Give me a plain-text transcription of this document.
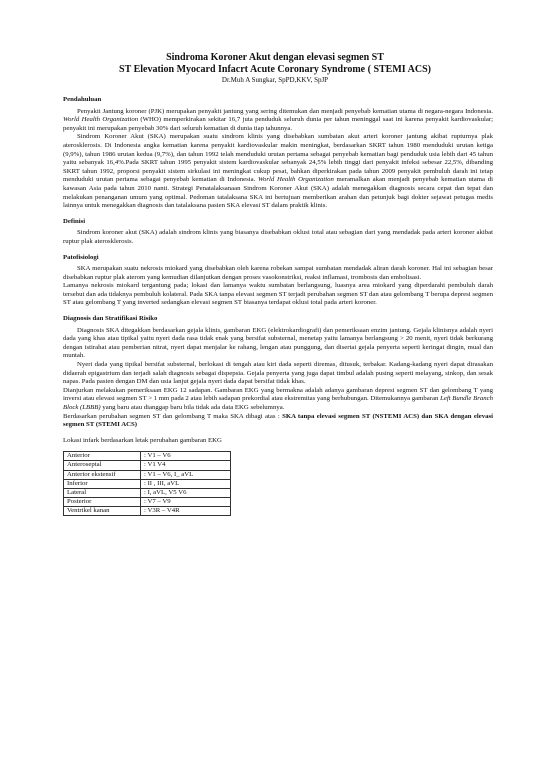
Sindroma Koroner Akut dengan elevasi segmen ST
ST Elevation Myocard Infacrt Acute Coronary Syndrome ( STEMI ACS)
Dr.Muh A Sungkar, SpPD,KKV, SpJP
Pendahuluan

Penyakit Jantung koroner (PJK) merupakan penyakit jantung yang sering ditemukan dan menjadi penyebab kematian utama di negara-negara Indonesia. World Health Organization (WHO) memperkirakan sekitar 16,7 juta penduduk seluruh dunia per tahun meninggal saat ini karena penyakit kardiovaskular; penyakit ini merupakan penyebab 30% dari seluruh kematian di dunia tiap tahunnya.

Sindrom Koroner Akut (SKA) merupakan suatu sindrom klinis yang disebabkan sumbatan akut arteri koroner jantung akibat rupturnya plak aterosklerosis. Di Indonesia angka kematian karena penyakit kardiovaskular makin meningkat, berdasarkan SKRT tahun 1980 menduduki urutan ketiga (9,9%), tahun 1986 urutan kedua (9,7%), dan tahun 1992 telah menduduki urutan pertama sebagai penyebab kematian bagi penduduk usia lebih dari 45 tahun yaitu sebanyak 16,4%.Pada SKRT tahun 1995 penyakit sistem kardiovaskular sebanyak 24,5% lebih tinggi dari penyakit infeksi sebesar 22,5%, dibanding SKRT tahun 1992, proporsi penyakit sistem sirkulasi ini meningkat cukup pesat, bahkan diperkirakan pada tahun 2009 penyakit pembuluh darah ini tetap menduduki urutan pertama sebagai penyebab kematian di Indonesia. World Health Organization meramalkan akan menjadi penyebab kematian utama di kawasan Asia pada tahun 2010 nanti. Strategi Penatalaksanaan Sindrom Koroner Akut (SKA) adalah menegakkan diagnosis secara cepat dan tepat dan melakukan penanganan umum yang optimal. Pedoman tatalaksana SKA ini bertujuan memberikan arahan dan petunjuk bagi dokter sejawat petugas medis lainnya untuk menegakkan diagnosis dan tatalaksana pasien SKA elevasi ST dalam praktik klinis.

Definisi

Sindrom koroner akut (SKA) adalah sindrom klinis yang biasanya disebabkan oklusi total atau sebagian dari yang mendadak pada arteri koroner akibat ruptur plak aterosklerosis.

Patofisiologi

SKA merupakan suatu nekrosis miokard yang disebabkan oleh karena robekan sampai sumbatan mendadak aliran darah koroner. Hal ini sebagian besar disebabkan ruptur plak aterom yang kemudian dilanjutkan dengan proses vasokonstriksi, reaksi inflamasi, trombosis dan embolisasi.

Lamanya nekrosis miokard tergantung pada; lokasi dan lamanya waktu sumbatan berlangsung, luasnya area miokard yang diperdarahi pembuluh darah tersebut dan ada tidaknya pembuluh kolateral. Pada SKA tanpa elevasi segmen ST terjadi perubahan segmen ST dan atau gelombang T berupa depresi segmen ST atau gelombang T yang inverted sedangkan elevasi segmen ST biasanya terdapat oklusi total pada arteri koroner.

Diagnosis dan Stratifikasi Risiko

Diagnosis SKA ditegakkan berdasarkan gejala klinis, gambaran EKG (elektrokardiografi) dan pemeriksaan enzim jantung. Gejala klinisnya adalah nyeri dada yang khas atau tipikal yaitu nyeri dada rasa tidak enak yang bersifat substernal, menetap yaitu lamanya berlangsung > 20 menit, nyeri tidak berkurang dengan istirahat atau pemberian nitrat, nyeri dapat menjalar ke rahang, lengan atau punggung, dan disertai gejala penyerta seperti keringat dingin, mual dan muntah.

Nyeri dada yang tipikal bersifat substernal, berlokasi di tengah atau kiri dada seperti diremas, ditusuk, terbakar. Kadang-kadang nyeri dapat dirasakan didaerah epigastrium dan terjadi salah diagnosis sebagai dispepsia. Gejala penyerta yang juga dapat timbul adalah pusing seperti melayang, sinkop, dan sesak napas. Pada pasien dengan DM dan usia lanjut gejala nyeri dada dapat bersifat tidak khas.

Dianjurkan melakukan pemeriksaan EKG 12 sadapan. Gambaran EKG yang bermakna adalah adanya gambaran depresi segmen ST dan gelombang T yang inversi atau elevasi segmen ST > 1 mm pada 2 atau lebih sadapan prekordial atau ekstremitas yang berhubungan. Ditemukannya gambaran Left Bundle Branch Block (LBBB) yang baru atau dianggap baru bila tidak ada data EKG sebelumnya.

Berdasarkan perubahan segmen ST dan gelombang T maka SKA dibagi atas : SKA tanpa elevasi segmen ST (NSTEMI ACS) dan SKA dengan elevasi segmen ST (STEMI ACS)

Lokasi infark berdasarkan letak perubahan gambaran EKG

Anterior	: V1 – V6
Anteroseptal	: V1 V4
Anterior ekstensif	: V1 – V6, I_ aVL
Inferior	: II , III, aVL
Lateral	: I, aVL, V5 V6
Posterior	: V7 – V9
Ventrikel kanan	: V3R – V4R
